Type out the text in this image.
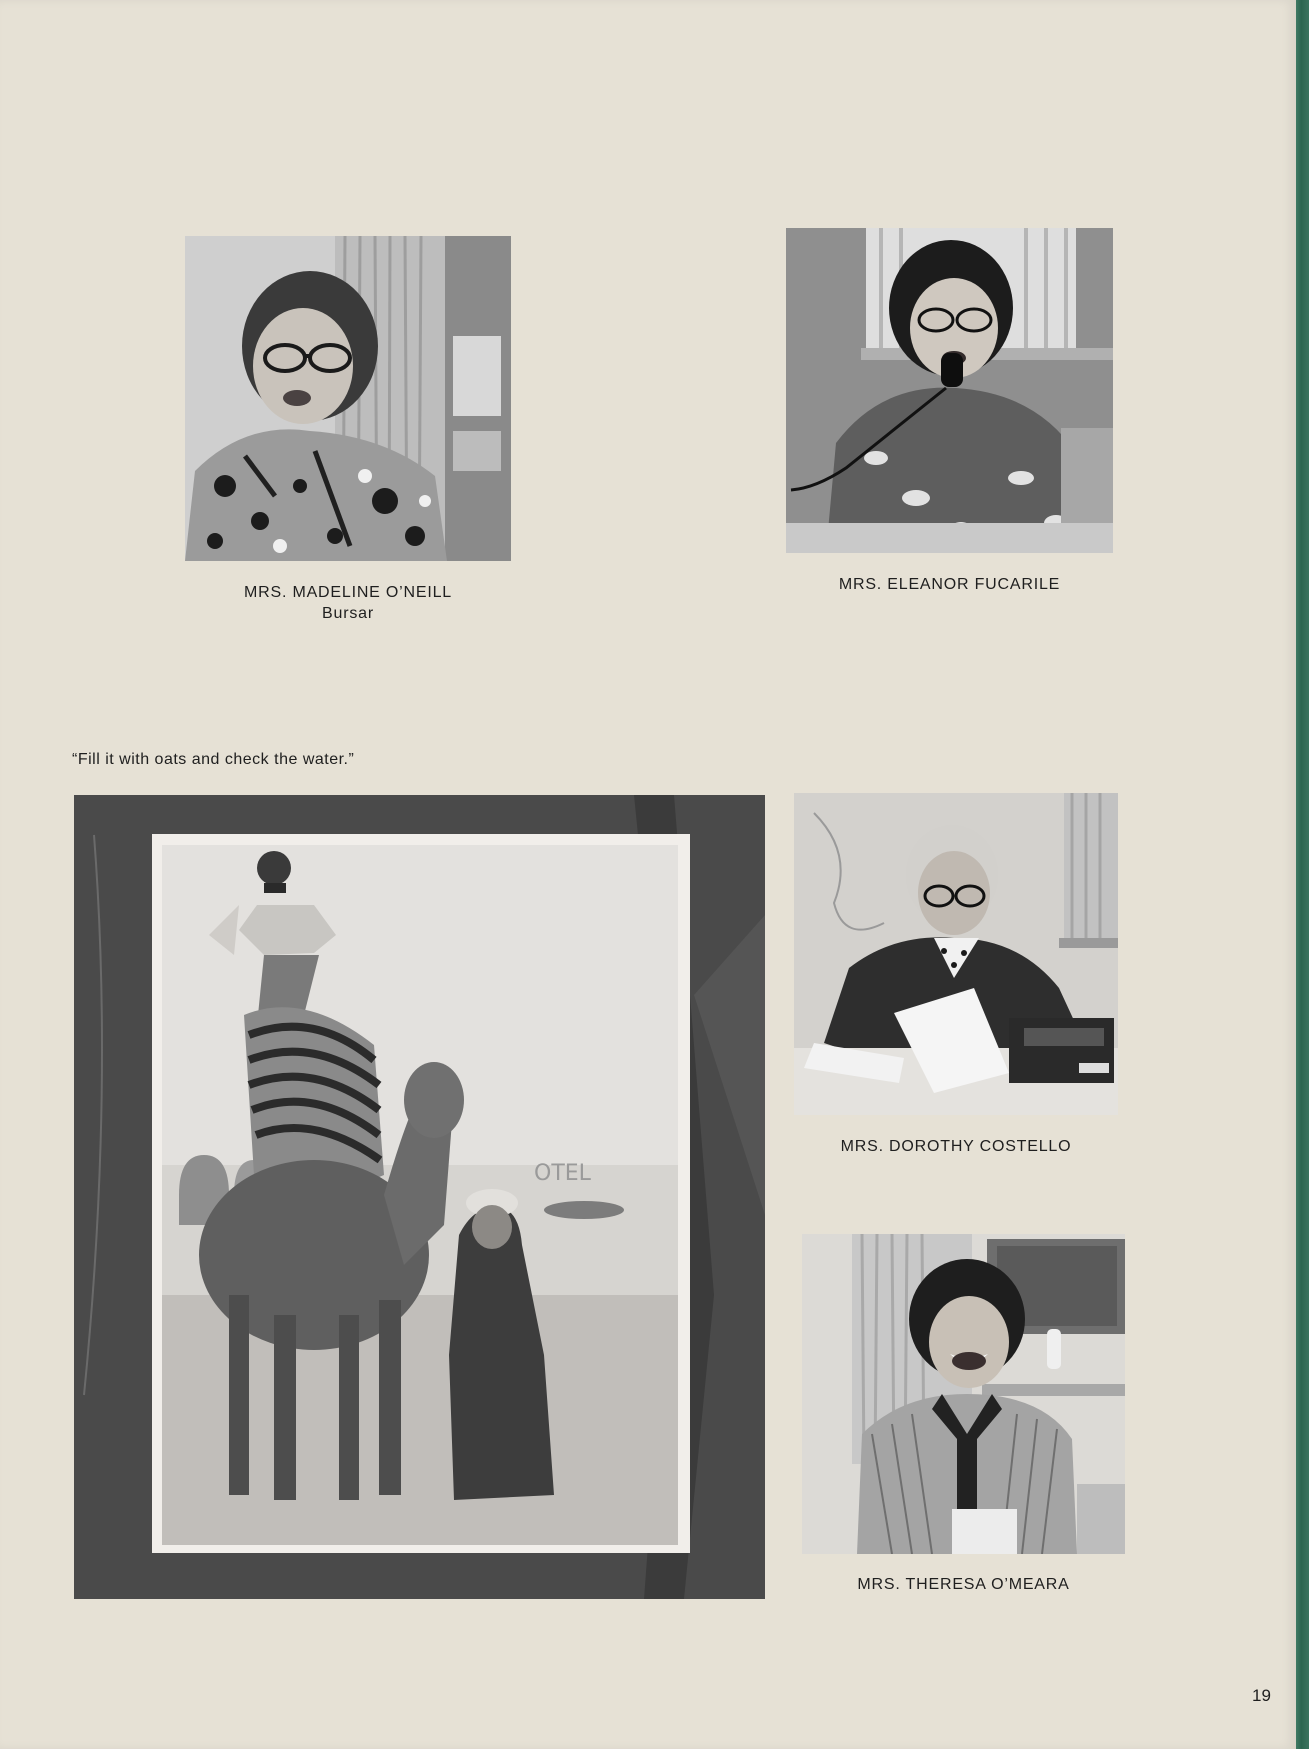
MRS. MADELINE O’NEILL
Bursar
MRS. ELEANOR FUCARILE
“Fill it with oats and check the water.”
OTEL
MRS. DOROTHY COSTELLO
MRS. THERESA O’MEARA
19
